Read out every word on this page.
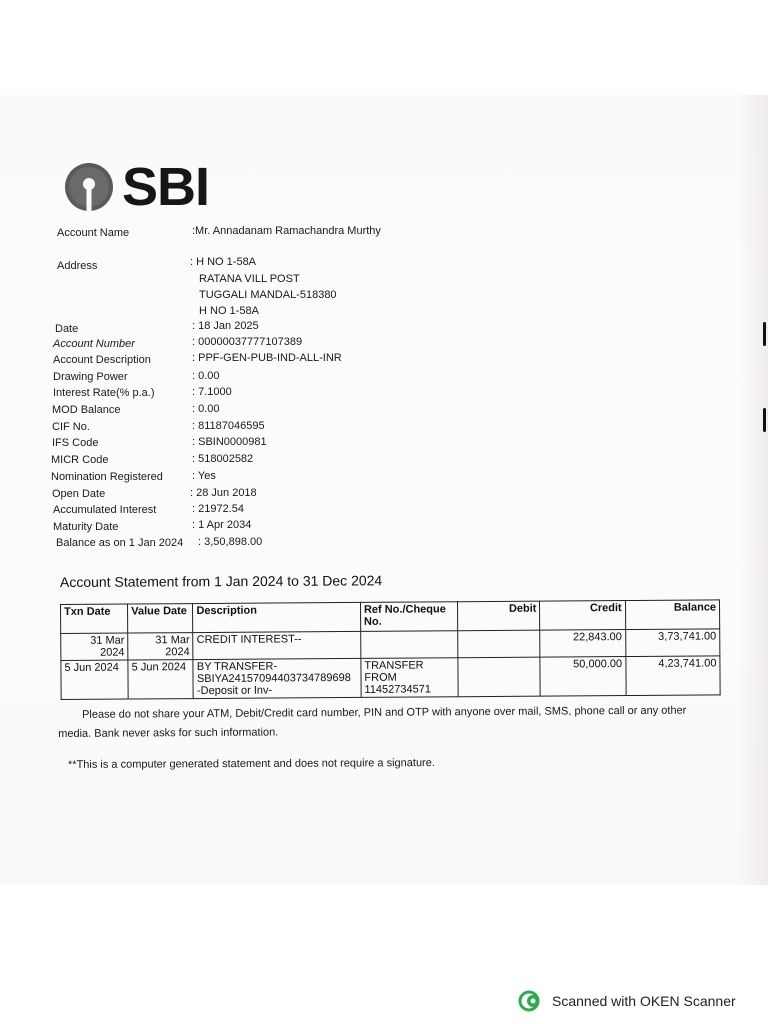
SBI
Account Name	:Mr. Annadanam Ramachandra Murthy
Address	: H NO 1-58A
RATANA VILL POST
TUGGALI MANDAL-518380
H NO 1-58A
Date	: 18 Jan 2025
Account Number	: 00000037777107389
Account Description	: PPF-GEN-PUB-IND-ALL-INR
Drawing Power	: 0.00
Interest Rate(% p.a.)	: 7.1000
MOD Balance	: 0.00
CIF No.	: 81187046595
IFS Code	: SBIN0000981
MICR Code	: 518002582
Nomination Registered	: Yes
Open Date	: 28 Jun 2018
Accumulated Interest	: 21972.54
Maturity Date	: 1 Apr 2034
Balance as on 1 Jan 2024 : 3,50,898.00
Account Statement from 1 Jan 2024 to 31 Dec 2024
Txn Date	Value Date	Description	Ref No./Cheque No.	Debit	Credit	Balance
31 Mar
2024	31 Mar
2024	CREDIT INTEREST--			22,843.00	3,73,741.00
5 Jun 2024	5 Jun 2024	BY TRANSFER-
SBIYA24157094403734789698
-Deposit or Inv-	TRANSFER
FROM
11452734571		50,000.00	4,23,741.00
Please do not share your ATM, Debit/Credit card number, PIN and OTP with anyone over mail, SMS, phone call or any other media. Bank never asks for such information.
**This is a computer generated statement and does not require a signature.
Scanned with OKEN Scanner
